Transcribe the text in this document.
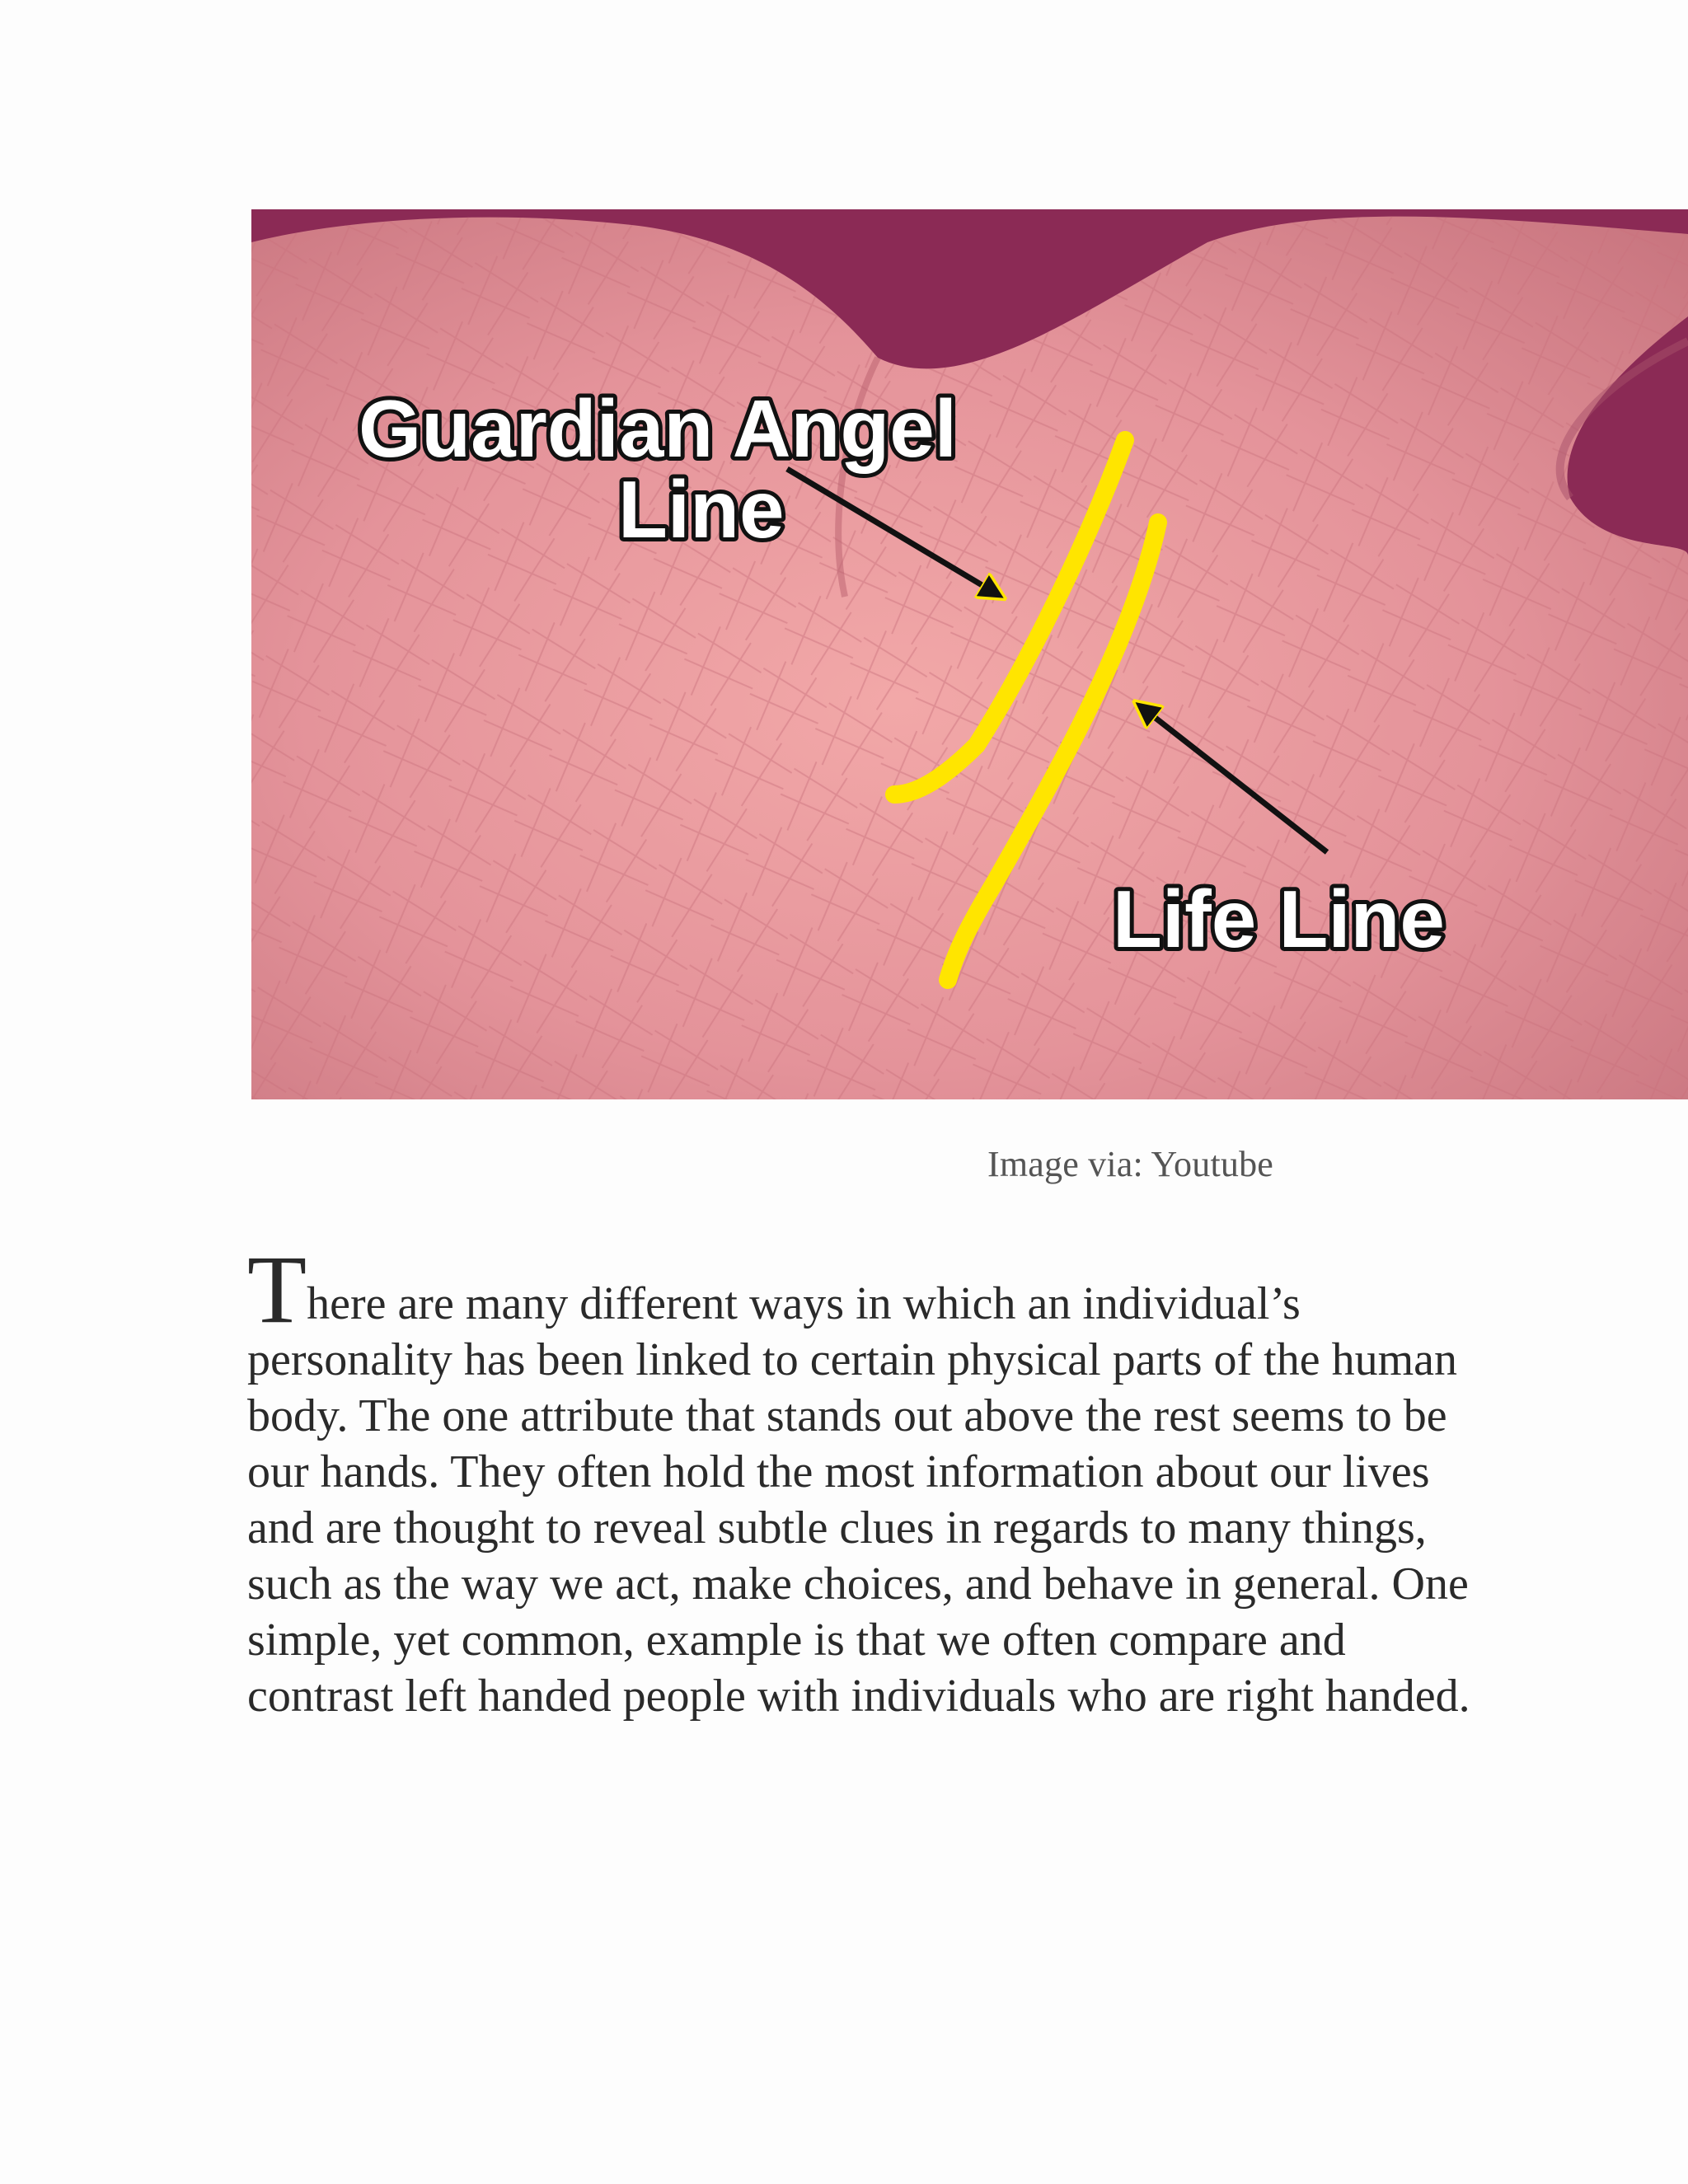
Guardian Angel
Line
Life Line
Image via: Youtube

There are many different ways in which an individual’s personality has been linked to certain physical parts of the human body. The one attribute that stands out above the rest seems to be our hands. They often hold the most information about our lives and are thought to reveal subtle clues in regards to many things, such as the way we act, make choices, and behave in general. One simple, yet common, example is that we often compare and contrast left handed people with individuals who are right handed.
